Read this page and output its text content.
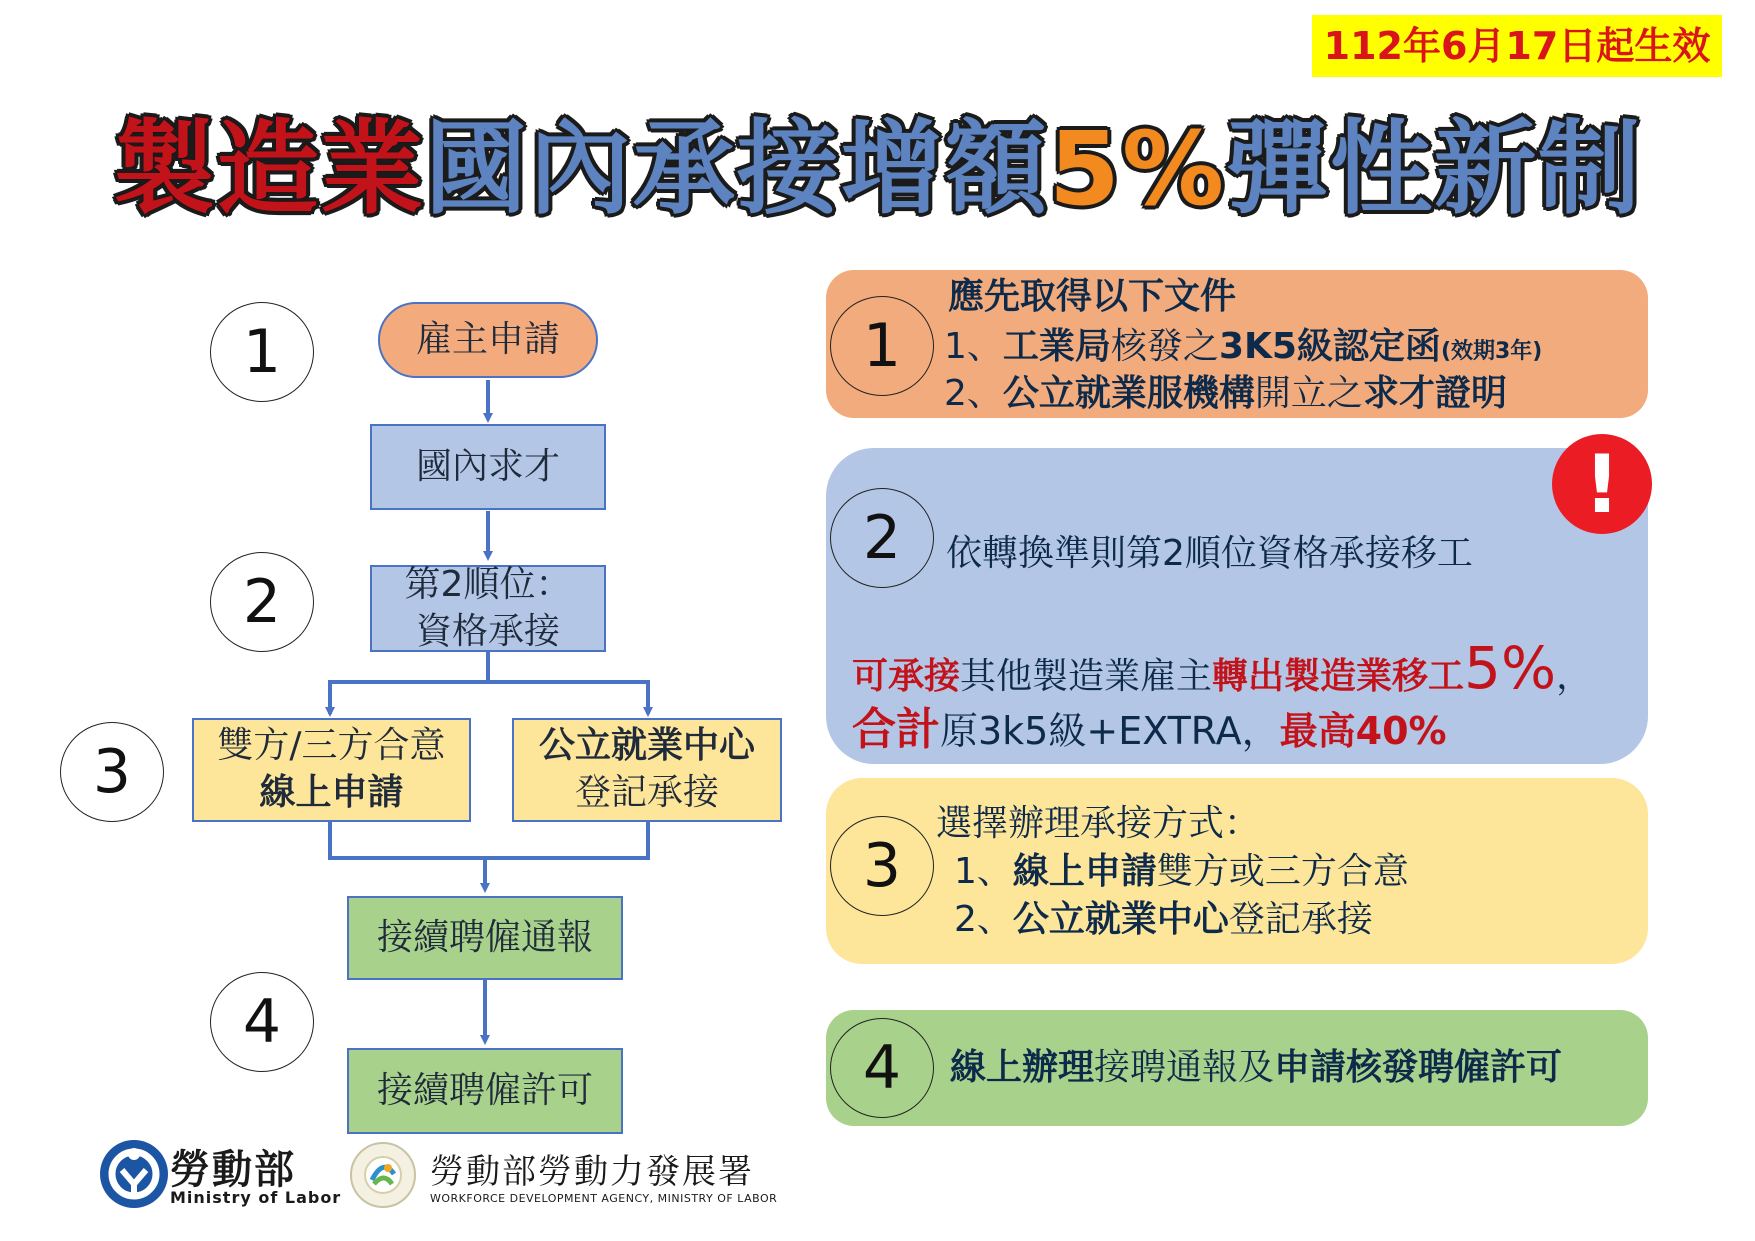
112年6月17日起生效
製造業國內承接增額5%彈性新制
1
2
3
4
雇主申請
國內求才
第2順位：
資格承接
雙方/三方合意
線上申請
公立就業中心
登記承接
接續聘僱通報
接續聘僱許可
1
應先取得以下文件
1、工業局核發之3K5級認定函(效期3年)
2、公立就業服機構開立之求才證明
!
2	依轉換準則第2順位資格承接移工
可承接其他製造業雇主轉出製造業移工5%，
合計原3k5級+EXTRA，最高40%
3
選擇辦理承接方式：
1、線上申請雙方或三方合意
2、公立就業中心登記承接
4	線上辦理接聘通報及申請核發聘僱許可
勞動部
Ministry of Labor
勞動部勞動力發展署
WORKFORCE DEVELOPMENT AGENCY, MINISTRY OF LABOR
